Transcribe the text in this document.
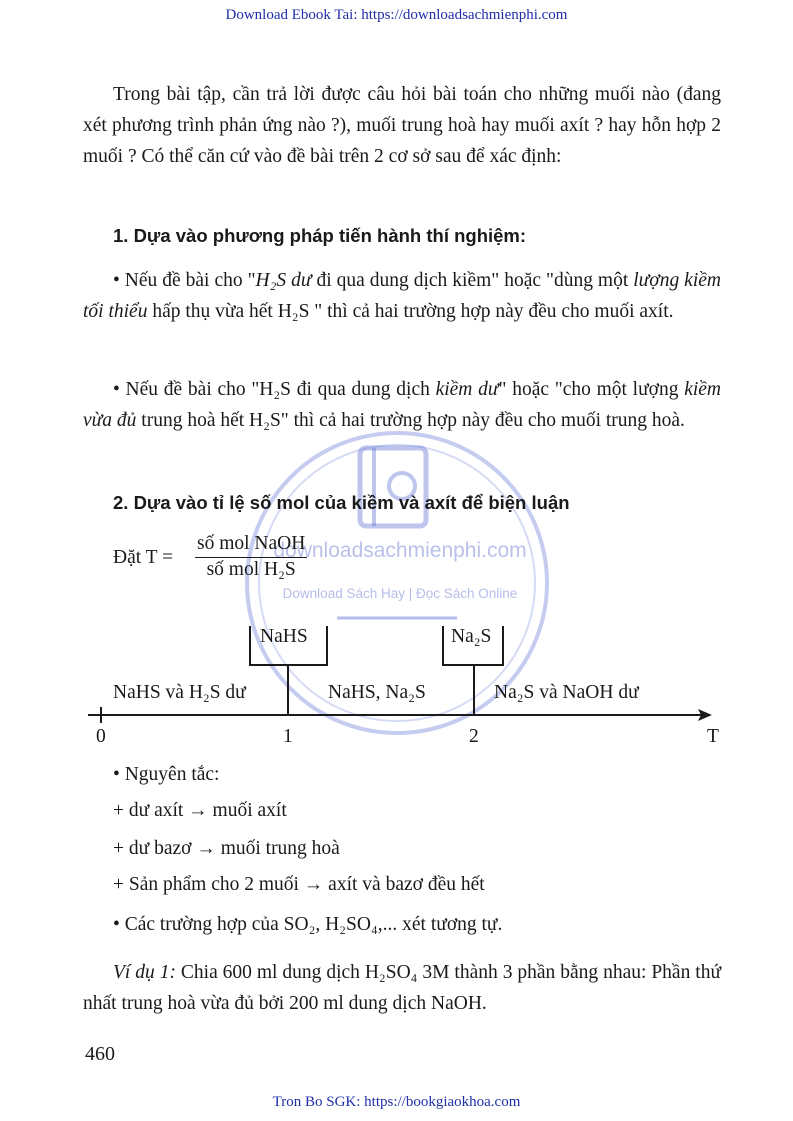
Download Ebook Tai: https://downloadsachmienphi.com
downloadsachmienphi.com
Download Sách Hay | Đọc Sách Online
Trong bài tập, cần trả lời được câu hỏi bài toán cho những muối nào (đang xét phương trình phản ứng nào ?), muối trung hoà hay muối axít ? hay hỗn hợp 2 muối ? Có thể căn cứ vào đề bài trên 2 cơ sở sau để xác định:
1. Dựa vào phương pháp tiến hành thí nghiệm:
• Nếu đề bài cho "H₂S dư đi qua dung dịch kiềm" hoặc "dùng một lượng kiềm tối thiểu hấp thụ vừa hết H₂S " thì cả hai trường hợp này đều cho muối axít.
• Nếu đề bài cho "H₂S đi qua dung dịch kiềm dư" hoặc "cho một lượng kiềm vừa đủ trung hoà hết H₂S" thì cả hai trường hợp này đều cho muối trung hoà.
2. Dựa vào tỉ lệ số mol của kiềm và axít để biện luận
Đặt T =
số mol NaOH
số mol H₂S
NaHS	Na₂S
NaHS và H₂S dư	NaHS, Na₂S	Na₂S và NaOH dư
0	1	2	T
• Nguyên tắc:
+ dư axít → muối axít
+ dư bazơ → muối trung hoà
+ Sản phẩm cho 2 muối → axít và bazơ đều hết
• Các trường hợp của SO₂, H₂SO₄,... xét tương tự.
Ví dụ 1: Chia 600 ml dung dịch H₂SO₄ 3M thành 3 phần bằng nhau: Phần thứ nhất trung hoà vừa đủ bởi 200 ml dung dịch NaOH.
460
Tron Bo SGK: https://bookgiaokhoa.com
